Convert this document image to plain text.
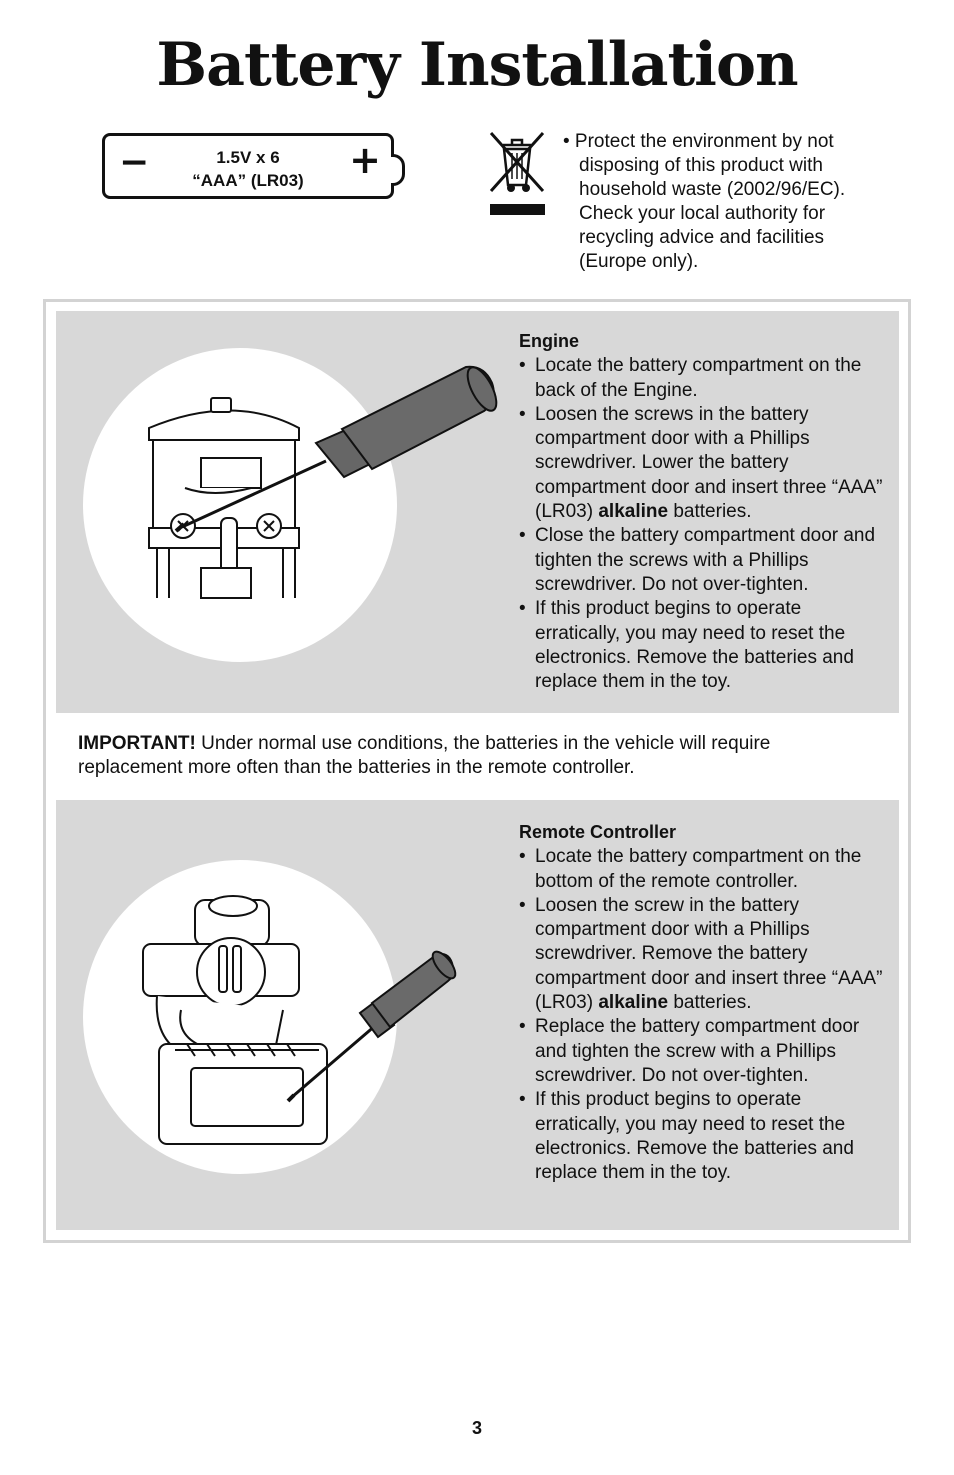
Battery Installation
−	1.5V x 6
“AAA” (LR03)	+	• Protect the environment by not disposing of this product with household waste (2002/96/EC). Check your local authority for recycling advice and facilities (Europe only).

Engine
• Locate the battery compartment on the back of the Engine.
• Loosen the screws in the battery compartment door with a Phillips screwdriver. Lower the battery compartment door and insert three “AAA” (LR03) alkaline batteries.
• Close the battery compartment door and tighten the screws with a Phillips screwdriver. Do not over-tighten.
• If this product begins to operate erratically, you may need to reset the electronics. Remove the batteries and replace them in the toy.
IMPORTANT! Under normal use conditions, the batteries in the vehicle will require replacement more often than the batteries in the remote controller.
Remote Controller
• Locate the battery compartment on the bottom of the remote controller.
• Loosen the screw in the battery compartment door with a Phillips screwdriver. Remove the battery compartment door and insert three “AAA” (LR03) alkaline batteries.
• Replace the battery compartment door and tighten the screw with a Phillips screwdriver. Do not over-tighten.
• If this product begins to operate erratically, you may need to reset the electronics. Remove the batteries and replace them in the toy.
3
